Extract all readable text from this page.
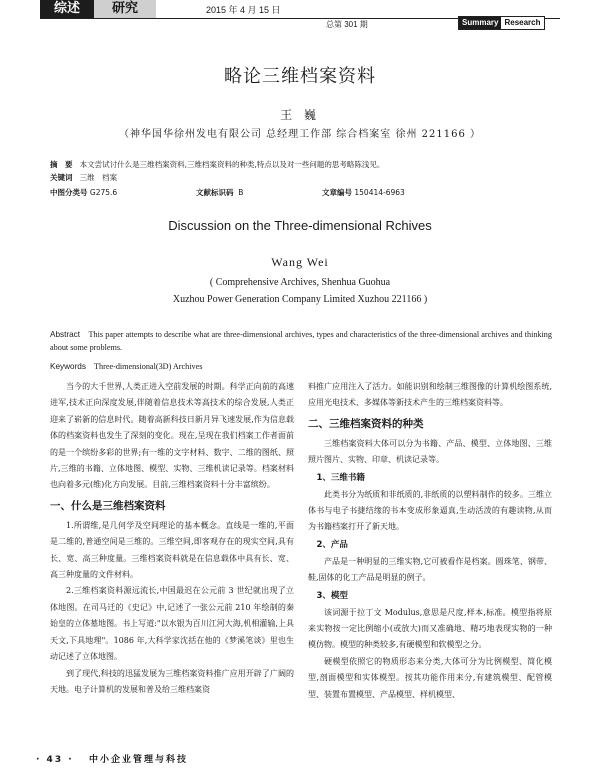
综述	研究	2015 年 4 月 15 日
总第 301 期	Summary Research
略论三维档案资料
王 巍
（神华国华徐州发电有限公司 总经理工作部 综合档案室 徐州 221166 ）
摘　要 本文尝试讨什么是三维档案资料,三维档案资料的种类,特点以及对一些问题的思考略陈浅见。
关键词 三维　档案
中图分类号 G275.6	文献标识码 B	文章编号 150414-6963
Discussion on the Three-dimensional Rchives
Wang Wei
( Comprehensive Archives, Shenhua Guohua
Xuzhou Power Generation Company Limited Xuzhou 221166 )
Abstract This paper attempts to describe what are three-dimensional archives, types and characteristics of the three-dimensional archives and thinking about some problems.
Keywords Three-dimensional(3D) Archives

当今的大千世界,人类正进入空前发展的时期。科学正向前的高速进军,技术正向深度发展,伴随着信息技术等高技术的综合发展,人类正迎来了崭新的信息时代。随着高新科技日新月异飞速发展,作为信息载体的档案资料也发生了深刻的变化。现在,呈现在我们档案工作者面前的是一个缤纷多彩的世界;有一维的文字材料、数字、二维的图纸、照片,三维的书籍、立体地图、模型、实物、三维机读记录等。档案材料也向着多元(维)化方向发展。目前,三维档案资料十分丰富缤纷。

一、什么是三维档案资料

1.所谓维,是几何学及空间理论的基本概念。直线是一维的,平面是二维的,普通空间是三维的。三维空间,即客观存在的现实空间,具有长、宽、高三种度量。三维档案资料就是在信息载体中具有长、宽、高三种度量的文件材料。

2.三维档案资料源远流长,中国最迟在公元前 3 世纪就出现了立体地图。在司马迁的《史记》中,记述了一张公元前 210 年绘制的秦始皇的立体墓地图。书上写道:"以水银为百川江河大海,机相灌输,上具天文,下具地理"。1086 年,大科学家沈括在他的《梦溪笔谈》里也生动记述了立体地图。

到了现代,科技的迅猛发展为三维档案资料推广应用开辟了广阔的天地。电子计算机的发展和普及给三维档案资

料推广应用注入了活力。如能识别和绘制三维图像的计算机绘图系统,应用光电技术、多媒体等新技术产生的三维档案资料等。

二、三维档案资料的种类

三维档案资料大体可以分为书籍、产品、模型、立体地图、三维照片图片、实物、印章、机读记录等。

1、三维书籍

此类书分为纸质和非纸质的,非纸质的以塑料制作的较多。三维立体书与电子书捷结缘的书本变成形象逼真,生动活泼的有趣读物,从而为书籍档案打开了新天地。

2、产品

产品是一种明显的三维实物,它可被看作是档案。圆珠笔、钢带、鞋,固体的化工产品是明显的例子。

3、模型

该词源于拉丁文 Modulus,意思是尺度,样本,标准。模型指将原来实物按一定比例缩小(或放大)而又准确地、精巧地表现实物的一种模仿物。模型的种类较多,有硬模型和软模型之分。

硬模型依照它的物质形态来分类,大体可分为比例模型、简化模型,剖面模型和实体模型。按其功能作用来分,有建筑模型、配管模型、装置布置模型、产品模型、样机模型、

· 43 · 中小企业管理与科技
